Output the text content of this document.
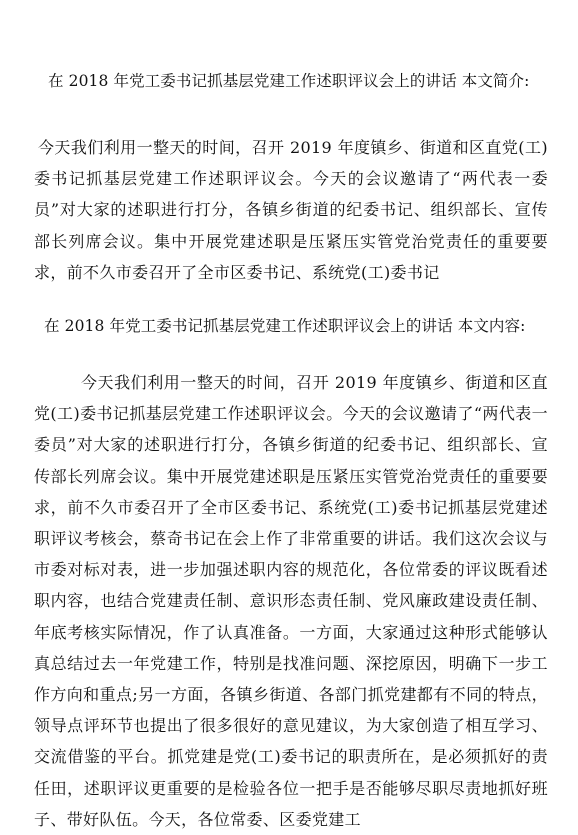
在 2018 年党工委书记抓基层党建工作述职评议会上的讲话 本文简介:
今天我们利用一整天的时间，召开 2019 年度镇乡、街道和区直党(工)委书记抓基层党建工作述职评议会。今天的会议邀请了“两代表一委员”对大家的述职进行打分，各镇乡街道的纪委书记、组织部长、宣传部长列席会议。集中开展党建述职是压紧压实管党治党责任的重要要求，前不久市委召开了全市区委书记、系统党(工)委书记
在 2018 年党工委书记抓基层党建工作述职评议会上的讲话 本文内容:
今天我们利用一整天的时间，召开 2019 年度镇乡、街道和区直党(工)委书记抓基层党建工作述职评议会。今天的会议邀请了“两代表一委员”对大家的述职进行打分，各镇乡街道的纪委书记、组织部长、宣传部长列席会议。集中开展党建述职是压紧压实管党治党责任的重要要求，前不久市委召开了全市区委书记、系统党(工)委书记抓基层党建述职评议考核会，蔡奇书记在会上作了非常重要的讲话。我们这次会议与市委对标对表，进一步加强述职内容的规范化，各位常委的评议既看述职内容，也结合党建责任制、意识形态责任制、党风廉政建设责任制、年底考核实际情况，作了认真准备。一方面，大家通过这种形式能够认真总结过去一年党建工作，特别是找准问题、深挖原因，明确下一步工作方向和重点;另一方面，各镇乡街道、各部门抓党建都有不同的特点，领导点评环节也提出了很多很好的意见建议，为大家创造了相互学习、交流借鉴的平台。抓党建是党(工)委书记的职责所在，是必须抓好的责任田，述职评议更重要的是检验各位一把手是否能够尽职尽责地抓好班子、带好队伍。今天，各位常委、区委党建工
